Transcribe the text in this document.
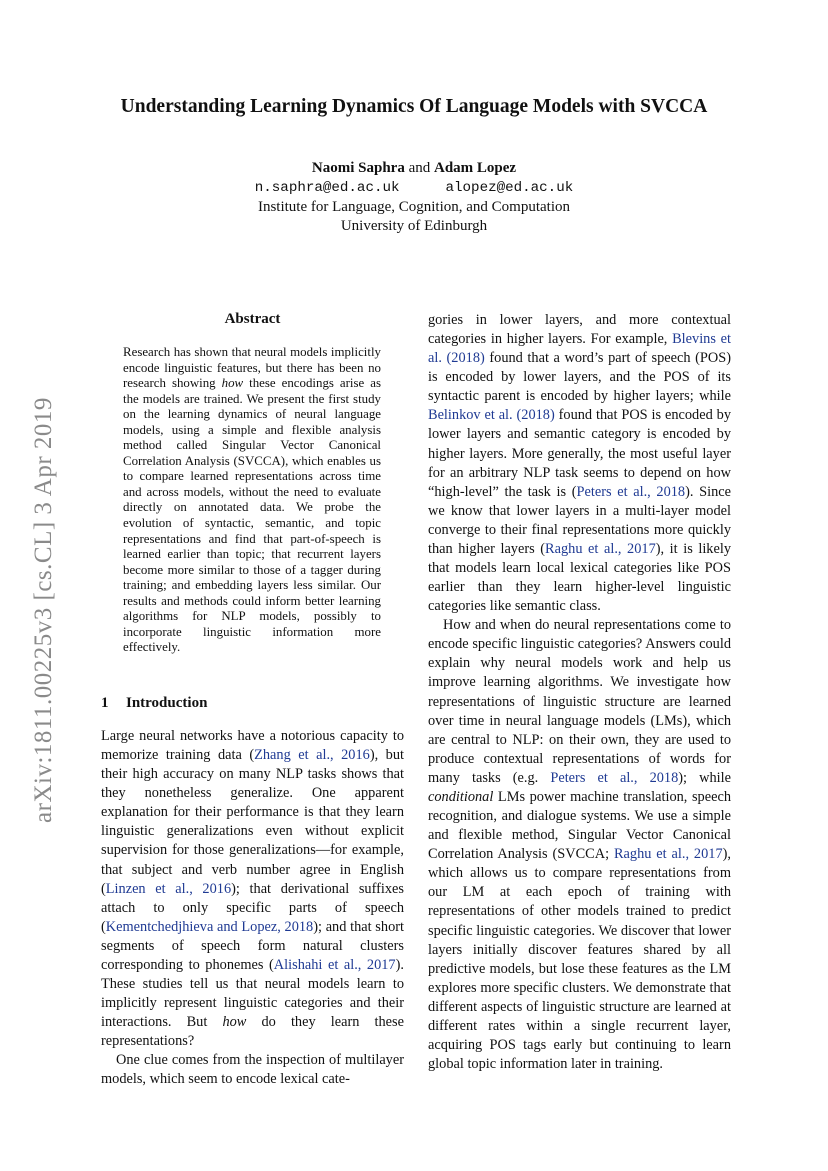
Understanding Learning Dynamics Of Language Models with SVCCA
Naomi Saphra and Adam Lopez
n.saphra@ed.ac.uk	alopez@ed.ac.uk
Institute for Language, Cognition, and Computation
University of Edinburgh
arXiv:1811.00225v3 [cs.CL] 3 Apr 2019
Abstract
Research has shown that neural models implicitly encode linguistic features, but there has been no research showing how these encodings arise as the models are trained. We present the first study on the learning dynamics of neural language models, using a simple and flexible analysis method called Singular Vector Canonical Correlation Analysis (SVCCA), which enables us to compare learned representations across time and across models, without the need to evaluate directly on annotated data. We probe the evolution of syntactic, semantic, and topic representations and find that part-of-speech is learned earlier than topic; that recurrent layers become more similar to those of a tagger during training; and embedding layers less similar. Our results and methods could inform better learning algorithms for NLP models, possibly to incorporate linguistic information more effectively.
1 Introduction

Large neural networks have a notorious capacity to memorize training data (Zhang et al., 2016), but their high accuracy on many NLP tasks shows that they nonetheless generalize. One apparent explanation for their performance is that they learn linguistic generalizations even without explicit supervision for those generalizations—for example, that subject and verb number agree in English (Linzen et al., 2016); that derivational suffixes attach to only specific parts of speech (Kementchedjhieva and Lopez, 2018); and that short segments of speech form natural clusters corresponding to phonemes (Alishahi et al., 2017). These studies tell us that neural models learn to implicitly represent linguistic categories and their interactions. But how do they learn these representations?

One clue comes from the inspection of multilayer models, which seem to encode lexical cate-

gories in lower layers, and more contextual categories in higher layers. For example, Blevins et al. (2018) found that a word’s part of speech (POS) is encoded by lower layers, and the POS of its syntactic parent is encoded by higher layers; while Belinkov et al. (2018) found that POS is encoded by lower layers and semantic category is encoded by higher layers. More generally, the most useful layer for an arbitrary NLP task seems to depend on how “high-level” the task is (Peters et al., 2018). Since we know that lower layers in a multi-layer model converge to their final representations more quickly than higher layers (Raghu et al., 2017), it is likely that models learn local lexical categories like POS earlier than they learn higher-level linguistic categories like semantic class.

How and when do neural representations come to encode specific linguistic categories? Answers could explain why neural models work and help us improve learning algorithms. We investigate how representations of linguistic structure are learned over time in neural language models (LMs), which are central to NLP: on their own, they are used to produce contextual representations of words for many tasks (e.g. Peters et al., 2018); while conditional LMs power machine translation, speech recognition, and dialogue systems. We use a simple and flexible method, Singular Vector Canonical Correlation Analysis (SVCCA; Raghu et al., 2017), which allows us to compare representations from our LM at each epoch of training with representations of other models trained to predict specific linguistic categories. We discover that lower layers initially discover features shared by all predictive models, but lose these features as the LM explores more specific clusters. We demonstrate that different aspects of linguistic structure are learned at different rates within a single recurrent layer, acquiring POS tags early but continuing to learn global topic information later in training.
